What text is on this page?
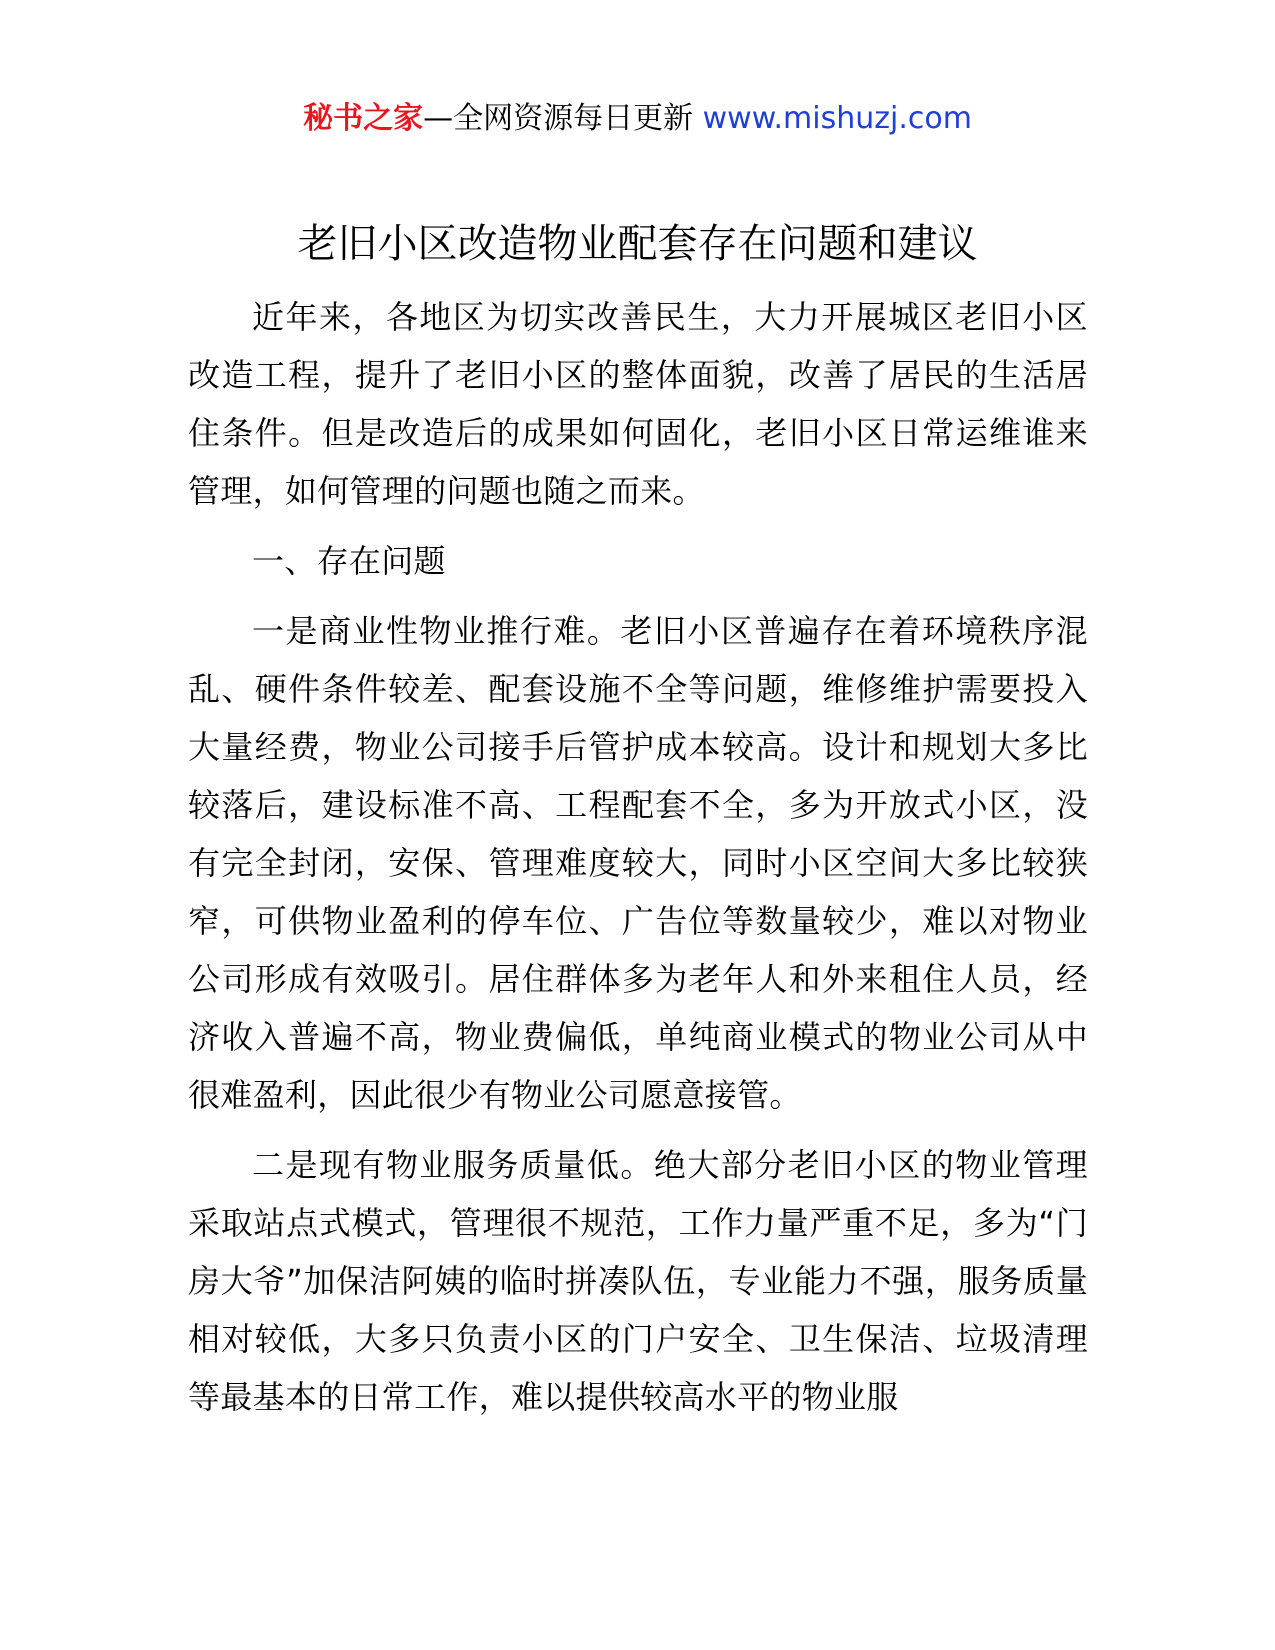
秘书之家—全网资源每日更新 www.mishuzj.com
老旧小区改造物业配套存在问题和建议

近年来，各地区为切实改善民生，大力开展城区老旧小区改造工程，提升了老旧小区的整体面貌，改善了居民的生活居住条件。但是改造后的成果如何固化，老旧小区日常运维谁来管理，如何管理的问题也随之而来。

一、存在问题

一是商业性物业推行难。老旧小区普遍存在着环境秩序混乱、硬件条件较差、配套设施不全等问题，维修维护需要投入大量经费，物业公司接手后管护成本较高。设计和规划大多比较落后，建设标准不高、工程配套不全，多为开放式小区，没有完全封闭，安保、管理难度较大，同时小区空间大多比较狭窄，可供物业盈利的停车位、广告位等数量较少，难以对物业公司形成有效吸引。居住群体多为老年人和外来租住人员，经济收入普遍不高，物业费偏低，单纯商业模式的物业公司从中很难盈利，因此很少有物业公司愿意接管。

二是现有物业服务质量低。绝大部分老旧小区的物业管理采取站点式模式，管理很不规范，工作力量严重不足，多为“门房大爷”加保洁阿姨的临时拼凑队伍，专业能力不强，服务质量相对较低，大多只负责小区的门户安全、卫生保洁、垃圾清理等最基本的日常工作，难以提供较高水平的物业服
